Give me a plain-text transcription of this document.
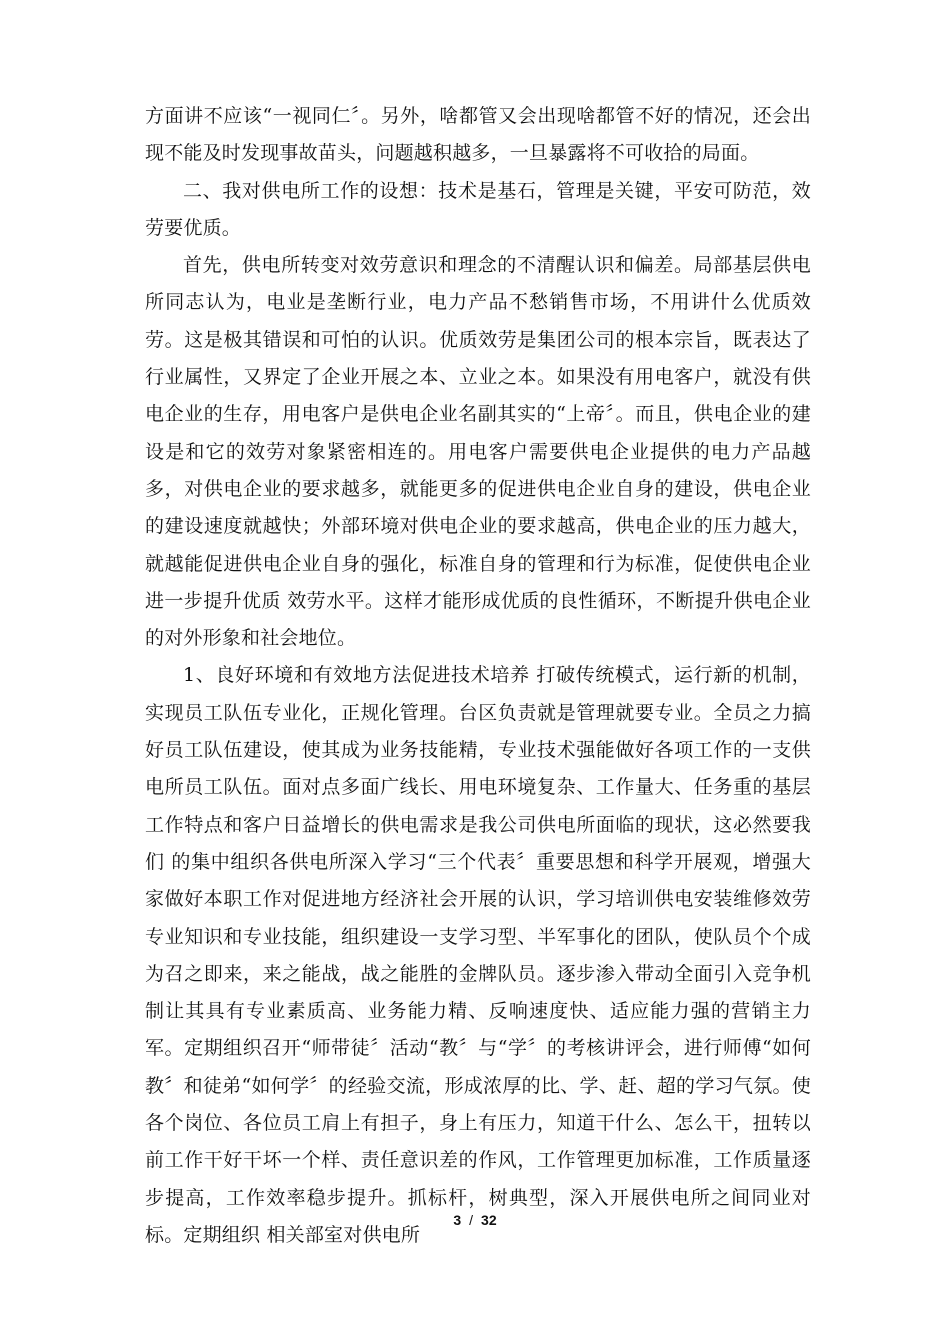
方面讲不应该“一视同仁〞。另外，啥都管又会出现啥都管不好的情况，还会出现不能及时发现事故苗头，问题越积越多，一旦暴露将不可收拾的局面。

二、我对供电所工作的设想：技术是基石，管理是关键，平安可防范，效劳要优质。

首先，供电所转变对效劳意识和理念的不清醒认识和偏差。局部基层供电所同志认为，电业是垄断行业，电力产品不愁销售市场，不用讲什么优质效劳。这是极其错误和可怕的认识。优质效劳是集团公司的根本宗旨，既表达了行业属性，又界定了企业开展之本、立业之本。如果没有用电客户，就没有供电企业的生存，用电客户是供电企业名副其实的“上帝〞。而且，供电企业的建设是和它的效劳对象紧密相连的。用电客户需要供电企业提供的电力产品越多，对供电企业的要求越多，就能更多的促进供电企业自身的建设，供电企业的建设速度就越快；外部环境对供电企业的要求越高，供电企业的压力越大，就越能促进供电企业自身的强化，标准自身的管理和行为标准，促使供电企业进一步提升优质 效劳水平。这样才能形成优质的良性循环，不断提升供电企业的对外形象和社会地位。

1、良好环境和有效地方法促进技术培养 打破传统模式，运行新的机制，实现员工队伍专业化，正规化管理。台区负责就是管理就要专业。全员之力搞好员工队伍建设，使其成为业务技能精，专业技术强能做好各项工作的一支供电所员工队伍。面对点多面广线长、用电环境复杂、工作量大、任务重的基层工作特点和客户日益增长的供电需求是我公司供电所面临的现状，这必然要我们 的集中组织各供电所深入学习“三个代表〞重要思想和科学开展观，增强大家做好本职工作对促进地方经济社会开展的认识，学习培训供电安装维修效劳专业知识和专业技能，组织建设一支学习型、半军事化的团队，使队员个个成为召之即来，来之能战，战之能胜的金牌队员。逐步渗入带动全面引入竞争机制让其具有专业素质高、业务能力精、反响速度快、适应能力强的营销主力军。定期组织召开“师带徒〞活动“教〞与“学〞的考核讲评会，进行师傅“如何教〞和徒弟“如何学〞的经验交流，形成浓厚的比、学、赶、超的学习气氛。使各个岗位、各位员工肩上有担子，身上有压力，知道干什么、怎么干，扭转以前工作干好干坏一个样、责任意识差的作风，工作管理更加标准，工作质量逐步提高，工作效率稳步提升。抓标杆，树典型，深入开展供电所之间同业对标。定期组织 相关部室对供电所

3 / 32
